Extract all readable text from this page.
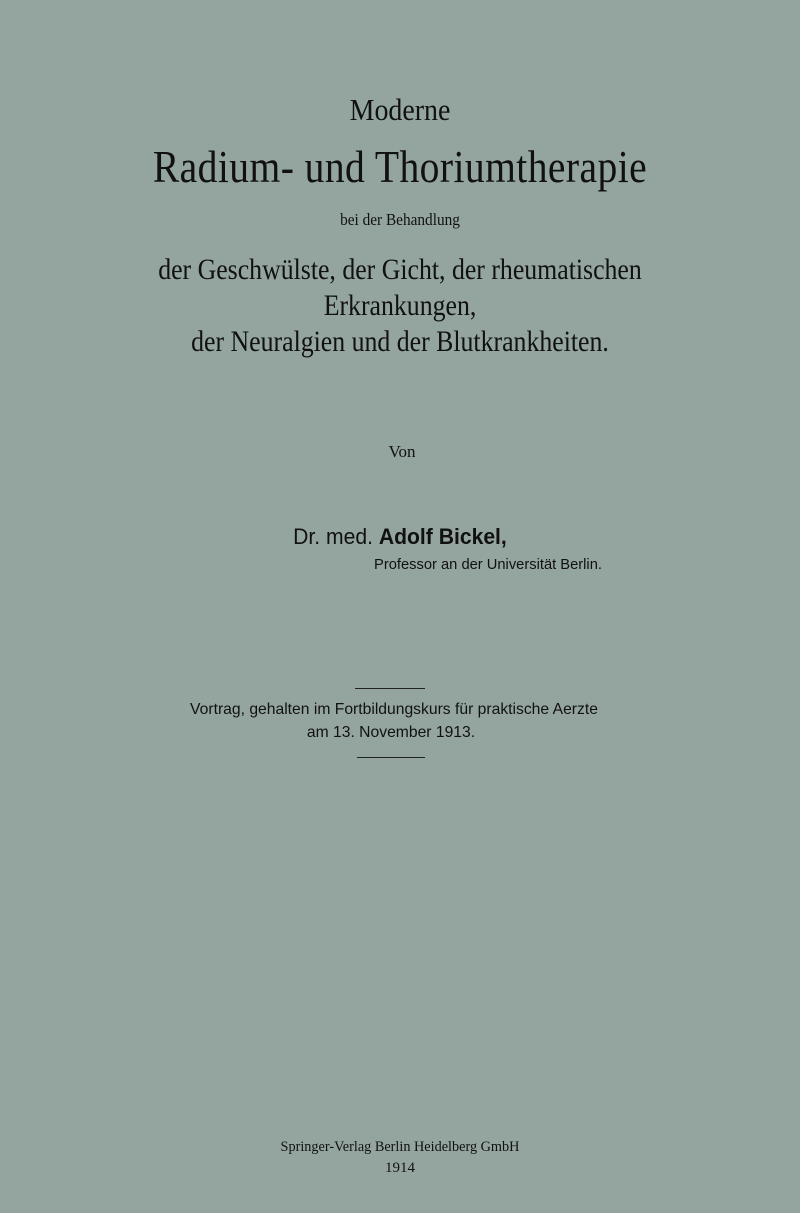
Moderne
Radium- und Thoriumtherapie
bei der Behandlung
der Geschwülste, der Gicht, der rheumatischen
Erkrankungen,
der Neuralgien und der Blutkrankheiten.
Von
Dr. med. Adolf Bickel,
Professor an der Universität Berlin.
Vortrag, gehalten im Fortbildungskurs für praktische Aerzte
am 13. November 1913.
Springer-Verlag Berlin Heidelberg GmbH
1914
